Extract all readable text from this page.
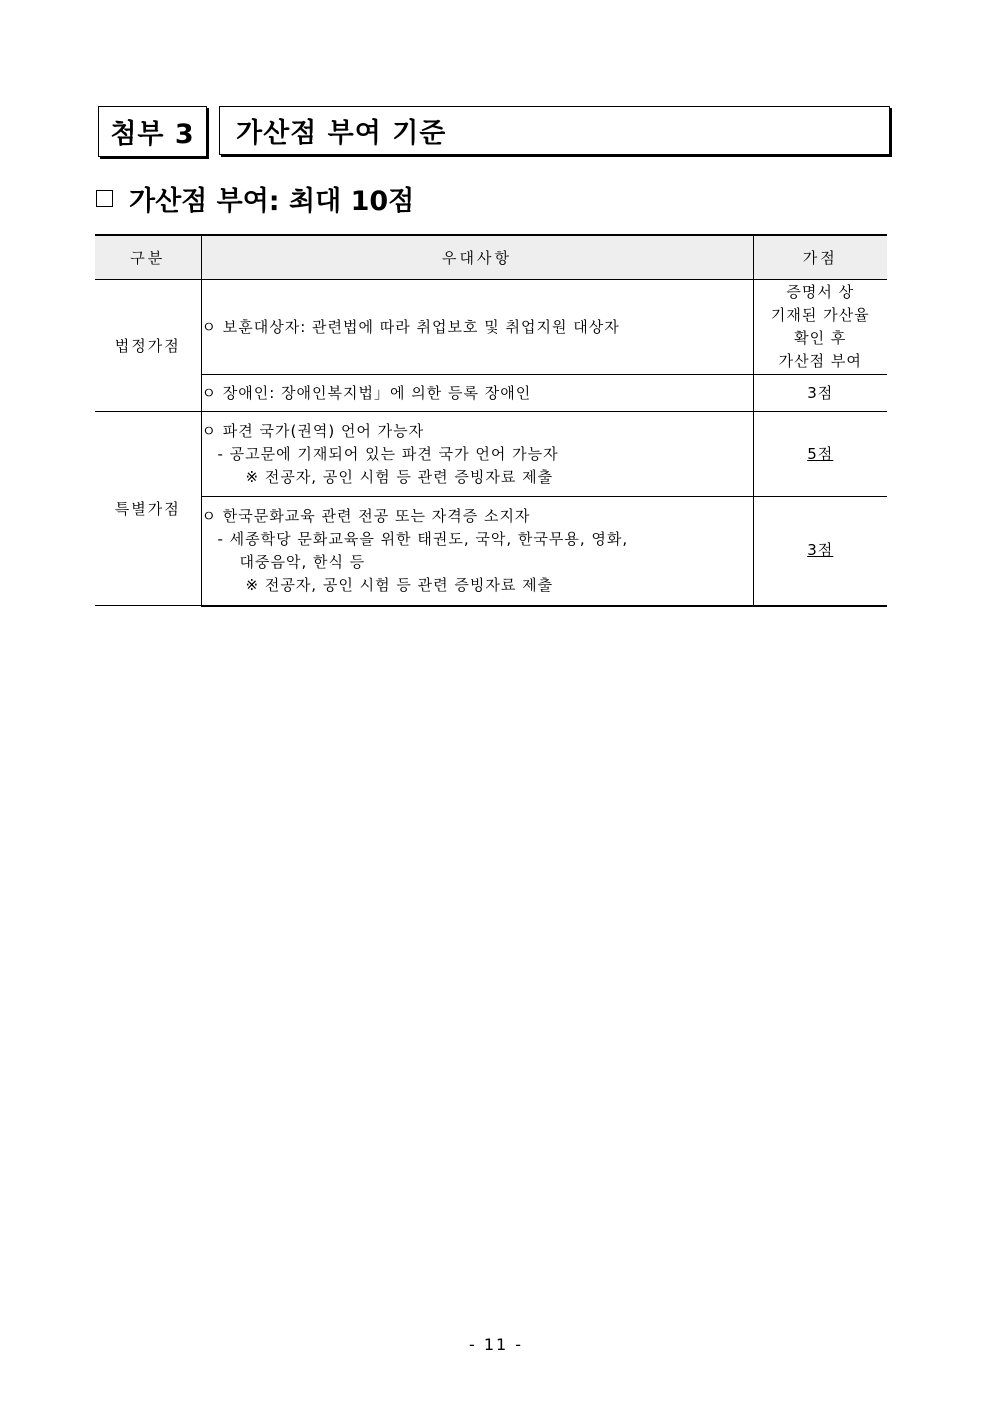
첨부 3	가산점 부여 기준
가산점 부여: 최대 10점
구분	우대사항	가점
법정가점	ㅇ 보훈대상자: 관련법에 따라 취업보호 및 취업지원 대상자	증명서 상
기재된 가산율
확인 후
가산점 부여

	ㅇ 장애인: 장애인복지법」에 의한 등록 장애인	3점

특별가점	ㅇ 파견 국가(권역) 언어 가능자
- 공고문에 기재되어 있는 파견 국가 언어 가능자
※ 전공자, 공인 시험 등 관련 증빙자료 제출	5점

	ㅇ 한국문화교육 관련 전공 또는 자격증 소지자
- 세종학당 문화교육을 위한 태권도, 국악, 한국무용, 영화,
대중음악, 한식 등
※ 전공자, 공인 시험 등 관련 증빙자료 제출	3점
- 11 -
